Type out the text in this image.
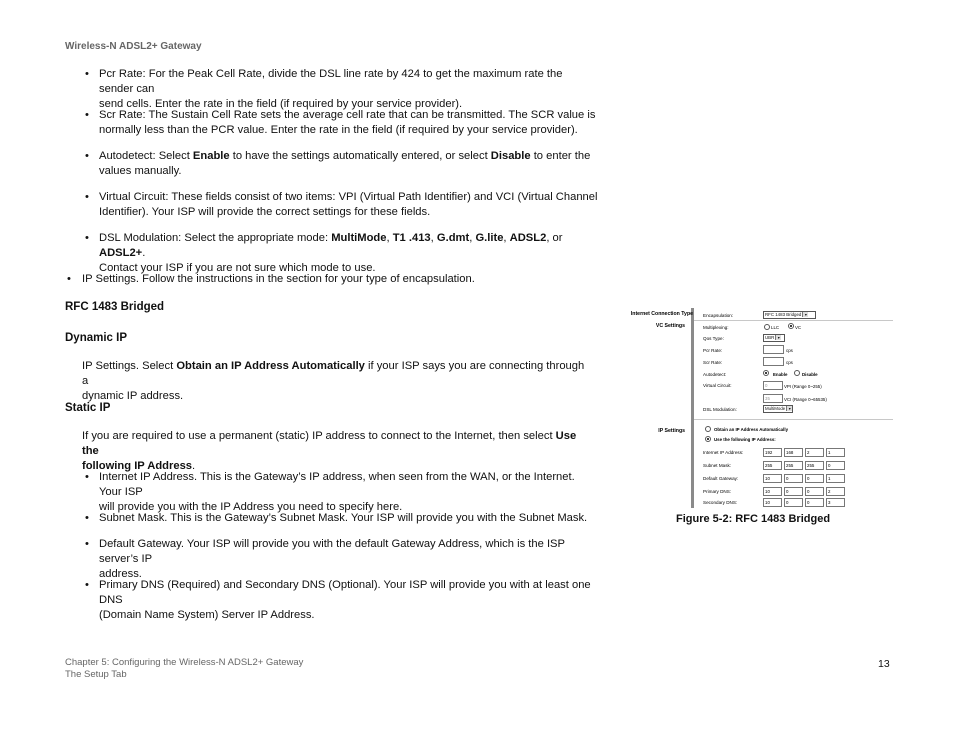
Wireless-N ADSL2+ Gateway
• Pcr Rate: For the Peak Cell Rate, divide the DSL line rate by 424 to get the maximum rate the sender can
send cells. Enter the rate in the field (if required by your service provider).
• Scr Rate: The Sustain Cell Rate sets the average cell rate that can be transmitted. The SCR value is
normally less than the PCR value. Enter the rate in the field (if required by your service provider).
• Autodetect: Select Enable to have the settings automatically entered, or select Disable to enter the
values manually.
• Virtual Circuit: These fields consist of two items: VPI (Virtual Path Identifier) and VCI (Virtual Channel
Identifier). Your ISP will provide the correct settings for these fields.
• DSL Modulation: Select the appropriate mode: MultiMode, T1 .413, G.dmt, G.lite, ADSL2, or ADSL2+.
Contact your ISP if you are not sure which mode to use.
• IP Settings. Follow the instructions in the section for your type of encapsulation.
RFC 1483 Bridged
Dynamic IP
IP Settings. Select Obtain an IP Address Automatically if your ISP says you are connecting through a
dynamic IP address.
Static IP
If you are required to use a permanent (static) IP address to connect to the Internet, then select Use the
following IP Address.
• Internet IP Address. This is the Gateway’s IP address, when seen from the WAN, or the Internet. Your ISP
will provide you with the IP Address you need to specify here.
• Subnet Mask. This is the Gateway’s Subnet Mask. Your ISP will provide you with the Subnet Mask.
• Default Gateway. Your ISP will provide you with the default Gateway Address, which is the ISP server’s IP
address.
• Primary DNS (Required) and Secondary DNS (Optional). Your ISP will provide you with at least one DNS
(Domain Name System) Server IP Address.
Internet Connection Type
VC Settings
IP Settings
Encapsulation:	RFC 1483 Bridged ▾
Multiplexing:	LLC	VC
Qos Type:	UBR ▾
Pcr Rate:	cps
Scr Rate:	cps
Autodetect:	Enable	Disable
Virtual Circuit:	0	VPI (Range 0~255)
35	VCI (Range 0~65535)
DSL Modulation:	MultiMode ▾
Obtain an IP Address Automatically
Use the following IP Address:
Internet IP Address:	192	168	2	1
Subnet Mask:	255	255	255	0
Default Gateway:	10	0	0	1
Primary DNS:	10	0	0	2
Secondary DNS:	10	0	0	3
Figure 5-2: RFC 1483 Bridged
Chapter 5: Configuring the Wireless-N ADSL2+ Gateway
The Setup Tab
13
